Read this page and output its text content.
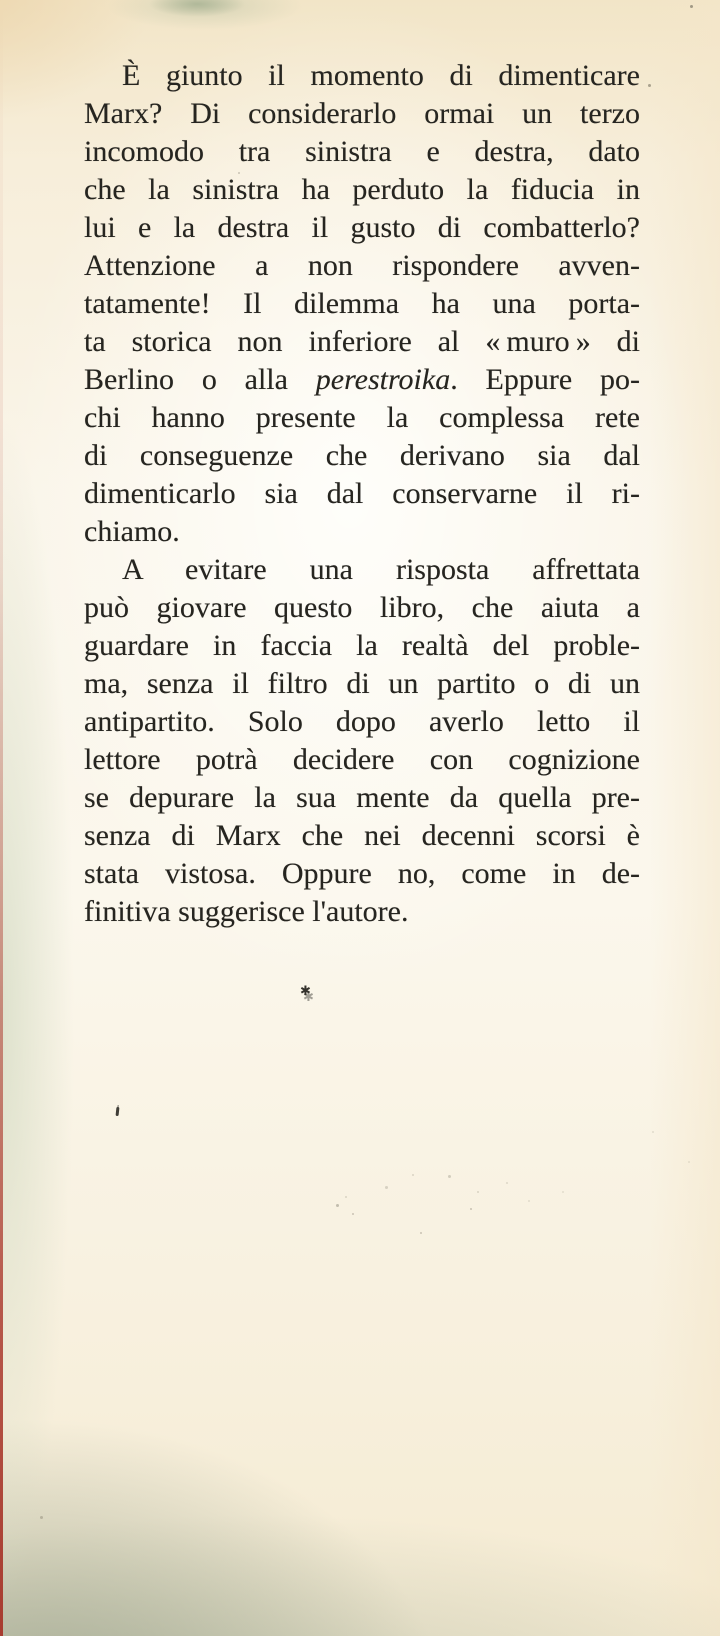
È giunto il momento di dimenticare
Marx? Di considerarlo ormai un terzo
incomodo tra sinistra e destra, dato
che la sinistra ha perduto la fiducia in
lui e la destra il gusto di combatterlo?
Attenzione a non rispondere avven-
tatamente! Il dilemma ha una porta-
ta storica non inferiore al « muro » di
Berlino o alla perestroika. Eppure po-
chi hanno presente la complessa rete
di conseguenze che derivano sia dal
dimenticarlo sia dal conservarne il ri-
chiamo.
A evitare una risposta affrettata
può giovare questo libro, che aiuta a
guardare in faccia la realtà del proble-
ma, senza il filtro di un partito o di un
antipartito. Solo dopo averlo letto il
lettore potrà decidere con cognizione
se depurare la sua mente da quella pre-
senza di Marx che nei decenni scorsi è
stata vistosa. Oppure no, come in de-
finitiva suggerisce l'autore.
✱
